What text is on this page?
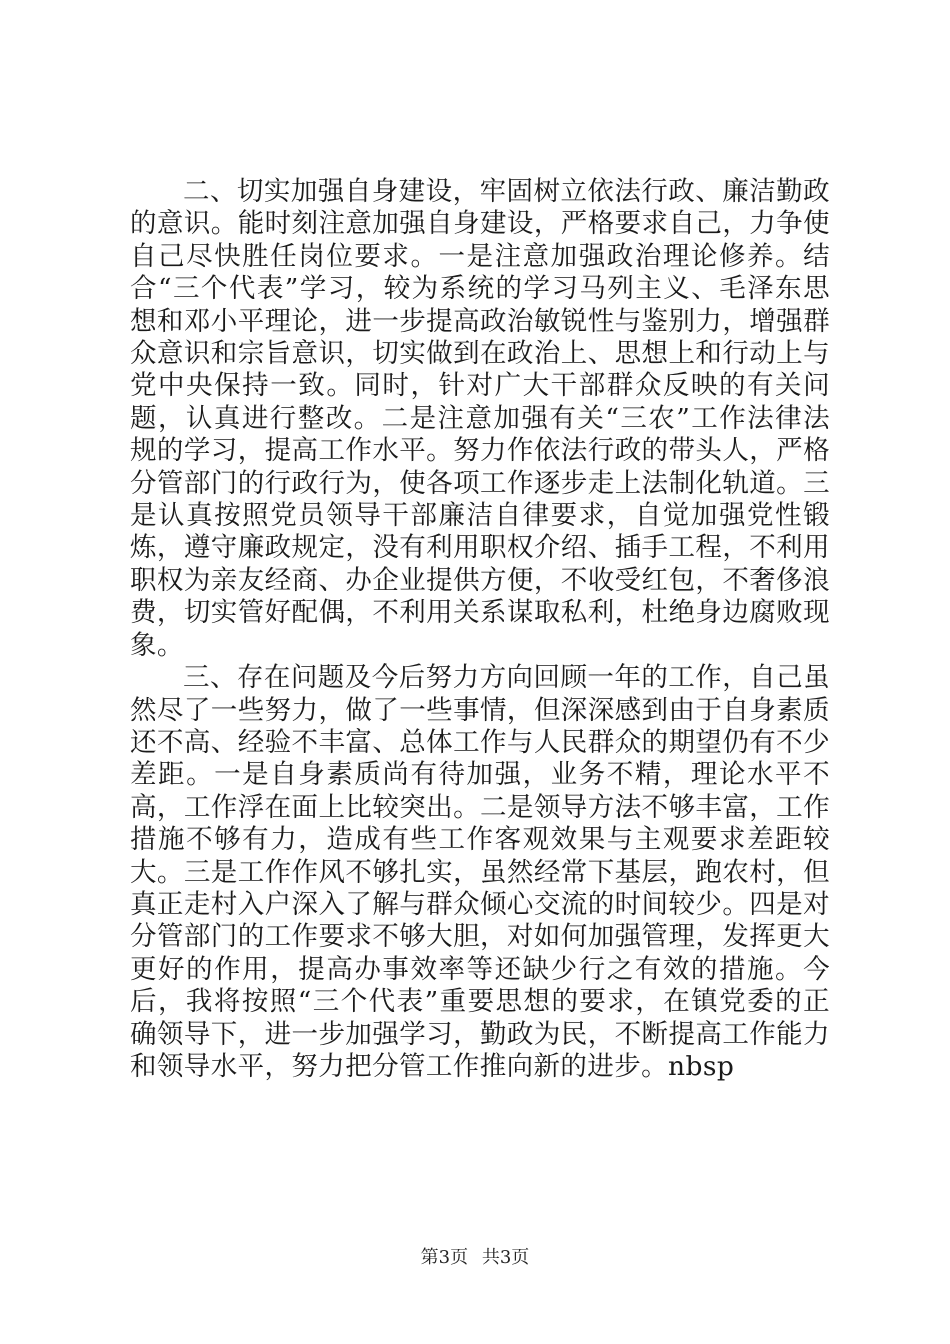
二、切实加强自身建设，牢固树立依法行政、廉洁勤政的意识。能时刻注意加强自身建设，严格要求自己，力争使自己尽快胜任岗位要求。一是注意加强政治理论修养。结合“三个代表”学习，较为系统的学习马列主义、毛泽东思想和邓小平理论，进一步提高政治敏锐性与鉴别力，增强群众意识和宗旨意识，切实做到在政治上、思想上和行动上与党中央保持一致。同时，针对广大干部群众反映的有关问题，认真进行整改。二是注意加强有关“三农”工作法律法规的学习，提高工作水平。努力作依法行政的带头人，严格分管部门的行政行为，使各项工作逐步走上法制化轨道。三是认真按照党员领导干部廉洁自律要求，自觉加强党性锻炼，遵守廉政规定，没有利用职权介绍、插手工程，不利用职权为亲友经商、办企业提供方便，不收受红包，不奢侈浪费，切实管好配偶，不利用关系谋取私利，杜绝身边腐败现象。

三、存在问题及今后努力方向回顾一年的工作，自己虽然尽了一些努力，做了一些事情，但深深感到由于自身素质还不高、经验不丰富、总体工作与人民群众的期望仍有不少差距。一是自身素质尚有待加强，业务不精，理论水平不高，工作浮在面上比较突出。二是领导方法不够丰富，工作措施不够有力，造成有些工作客观效果与主观要求差距较大。三是工作作风不够扎实，虽然经常下基层，跑农村，但真正走村入户深入了解与群众倾心交流的时间较少。四是对分管部门的工作要求不够大胆，对如何加强管理，发挥更大更好的作用，提高办事效率等还缺少行之有效的措施。今后，我将按照“三个代表”重要思想的要求，在镇党委的正确领导下，进一步加强学习，勤政为民，不断提高工作能力和领导水平，努力把分管工作推向新的进步。nbsp

第3页 共3页
